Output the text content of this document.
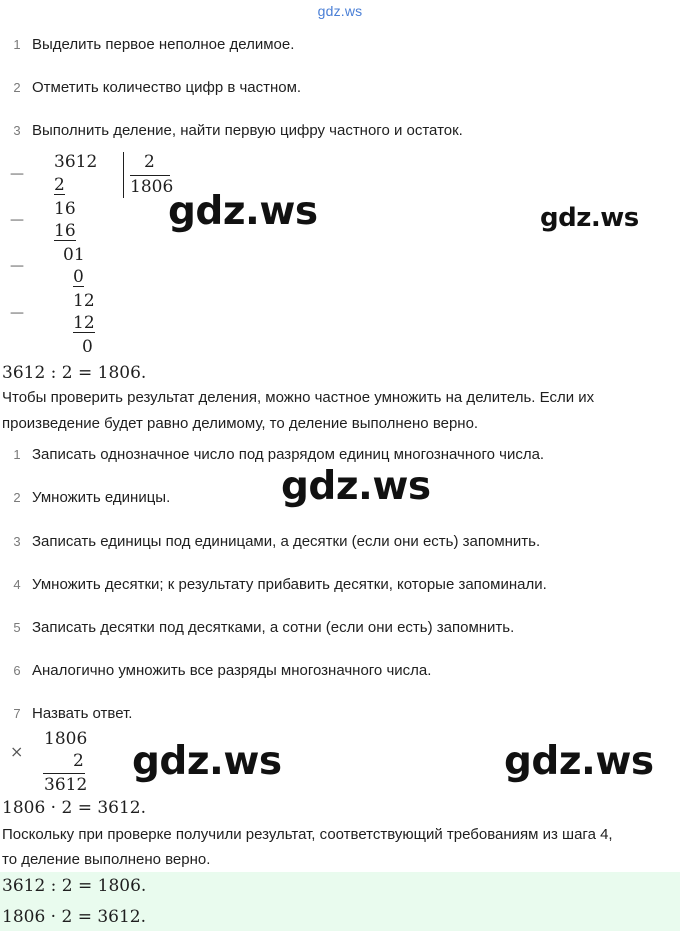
gdz.ws
1 Выделить первое неполное делимое.
2 Отметить количество цифр в частном.
3 Выполнить деление, найти первую цифру частного и остаток.
—
—
—
—
3612
2
16
16
01
0
12
12
0
2
1806
3612 : 2 = 1806.
Чтобы проверить результат деления, можно частное умножить на делитель. Если их
произведение будет равно делимому, то деление выполнено верно.
1 Записать однозначное число под разрядом единиц многозначного числа.
2 Умножить единицы.
3 Записать единицы под единицами, а десятки (если они есть) запомнить.
4 Умножить десятки; к результату прибавить десятки, которые запоминали.
5 Записать десятки под десятками, а сотни (если они есть) запомнить.
6 Аналогично умножить все разряды многозначного числа.
7 Назвать ответ.
×
1806
2
3612
1806 · 2 = 3612.
Поскольку при проверке получили результат, соответствующий требованиям из шага 4,
то деление выполнено верно.
3612 : 2 = 1806.
1806 · 2 = 3612.
gdz.ws	gdz.ws
gdz.ws
gdz.ws	gdz.ws
